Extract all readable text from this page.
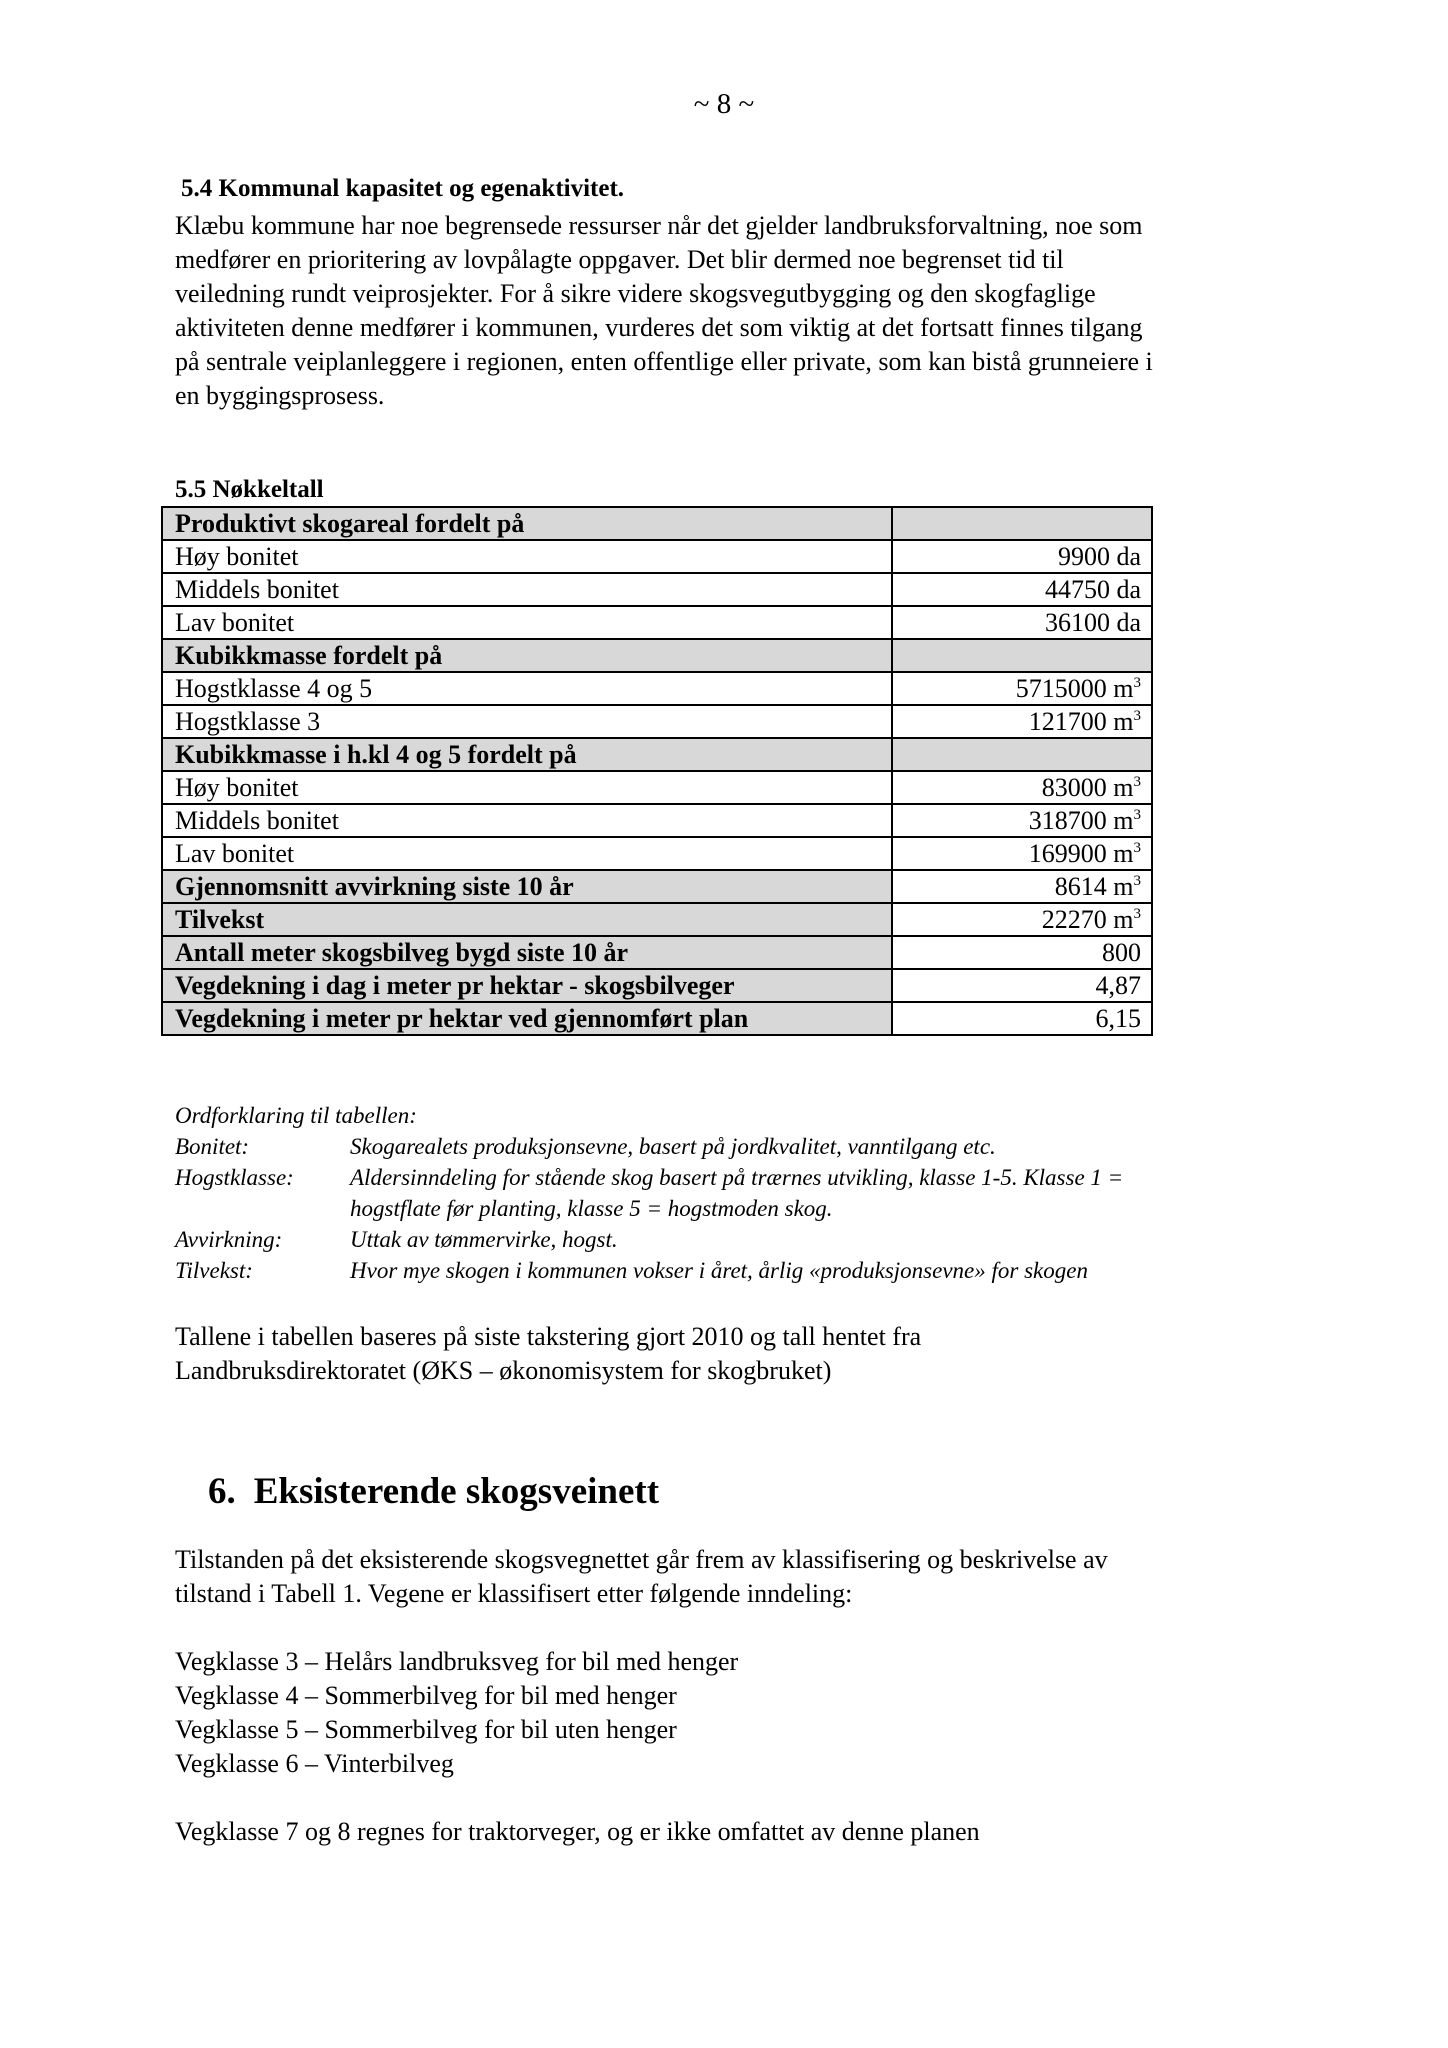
~ 8 ~
5.4 Kommunal kapasitet og egenaktivitet.
Klæbu kommune har noe begrensede ressurser når det gjelder landbruksforvaltning, noe som
medfører en prioritering av lovpålagte oppgaver. Det blir dermed noe begrenset tid til
veiledning rundt veiprosjekter. For å sikre videre skogsvegutbygging og den skogfaglige
aktiviteten denne medfører i kommunen, vurderes det som viktig at det fortsatt finnes tilgang
på sentrale veiplanleggere i regionen, enten offentlige eller private, som kan bistå grunneiere i
en byggingsprosess.
5.5 Nøkkeltall
Produktivt skogareal fordelt på	
Høy bonitet	9900 da
Middels bonitet	44750 da
Lav bonitet	36100 da
Kubikkmasse fordelt på	
Hogstklasse 4 og 5	5715000 $m^3$
Hogstklasse 3	121700 $m^3$
Kubikkmasse i h.kl 4 og 5 fordelt på	
Høy bonitet	83000 $m^3$
Middels bonitet	318700 $m^3$
Lav bonitet	169900 $m^3$
Gjennomsnitt avvirkning siste 10 år	8614 $m^3$
Tilvekst	22270 $m^3$
Antall meter skogsbilveg bygd siste 10 år	800
Vegdekning i dag i meter pr hektar - skogsbilveger	4,87
Vegdekning i meter pr hektar ved gjennomført plan	6,15
Ordforklaring til tabellen:
Bonitet:	Skogarealets produksjonsevne, basert på jordkvalitet, vanntilgang etc.
Hogstklasse:	Aldersinndeling for stående skog basert på trærnes utvikling, klasse 1-5. Klasse 1 =
hogstflate før planting, klasse 5 = hogstmoden skog.
Avvirkning:	Uttak av tømmervirke, hogst.
Tilvekst:	Hvor mye skogen i kommunen vokser i året, årlig «produksjonsevne» for skogen
Tallene i tabellen baseres på siste takstering gjort 2010 og tall hentet fra
Landbruksdirektoratet (ØKS – økonomisystem for skogbruket)
6. Eksisterende skogsveinett
Tilstanden på det eksisterende skogsvegnettet går frem av klassifisering og beskrivelse av
tilstand i Tabell 1. Vegene er klassifisert etter følgende inndeling:
Vegklasse 3 – Helårs landbruksveg for bil med henger
Vegklasse 4 – Sommerbilveg for bil med henger
Vegklasse 5 – Sommerbilveg for bil uten henger
Vegklasse 6 – Vinterbilveg
Vegklasse 7 og 8 regnes for traktorveger, og er ikke omfattet av denne planen
